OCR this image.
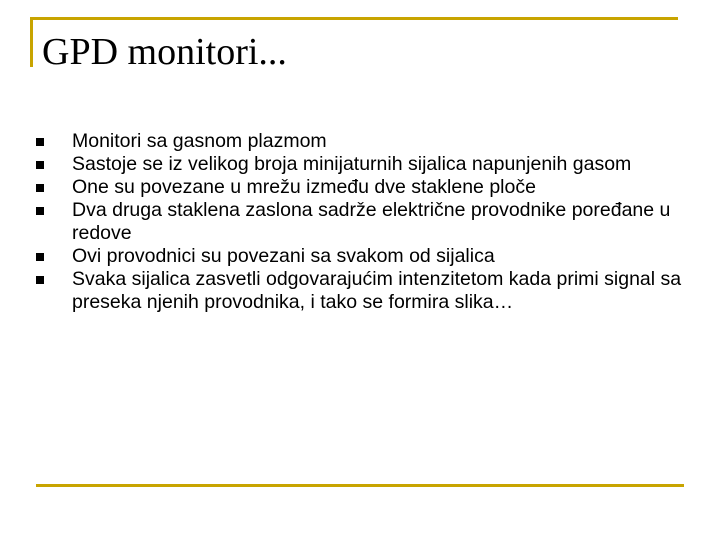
GPD monitori...
Monitori sa gasnom plazmom
Sastoje se iz velikog broja minijaturnih sijalica napunjenih gasom
One su povezane u mrežu između dve staklene ploče
Dva druga staklena zaslona sadrže električne provodnike poređane u redove
Ovi provodnici su povezani sa svakom od sijalica
Svaka sijalica zasvetli odgovarajućim intenzitetom kada primi signal sa preseka njenih provodnika, i tako se formira slika…
